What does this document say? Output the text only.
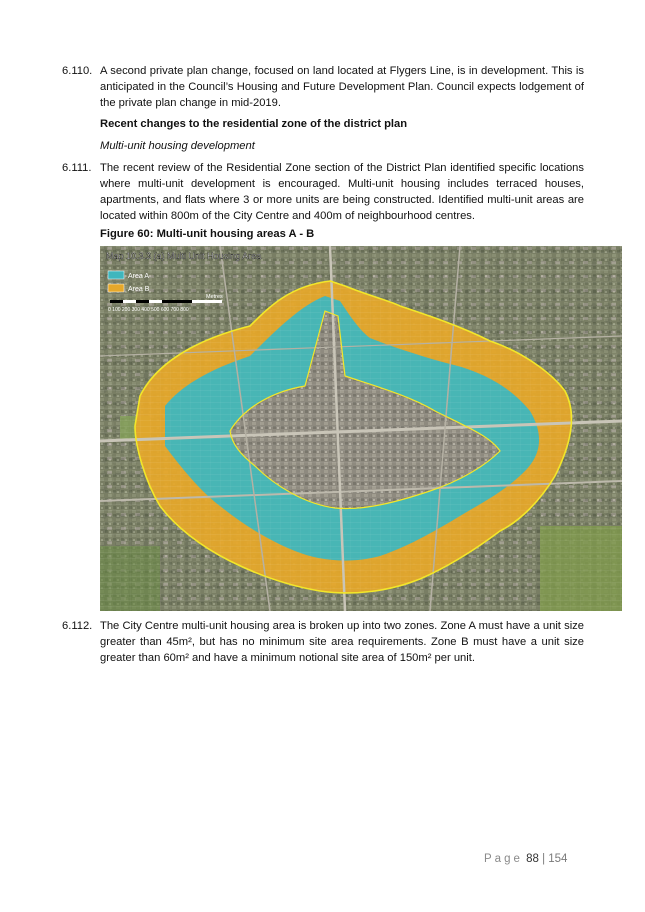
6.110. A second private plan change, focused on land located at Flygers Line, is in development. This is anticipated in the Council’s Housing and Future Development Plan. Council expects lodgement of the private plan change in mid-2019.
Recent changes to the residential zone of the district plan
Multi-unit housing development
6.111. The recent review of the Residential Zone section of the District Plan identified specific locations where multi-unit development is encouraged. Multi-unit housing includes terraced houses, apartments, and flats where 3 or more units are being constructed. Identified multi-unit areas are located within 800m of the City Centre and 400m of neighbourhood centres.
Figure 60: Multi-unit housing areas A - B
Map 10.3.3 (a) Multi Unit Housing Area
Area A
Area B
0 100 200 300 400 500 600 700 800
Metres
6.112. The City Centre multi-unit housing area is broken up into two zones. Zone A must have a unit size greater than 45m², but has no minimum site area requirements. Zone B must have a unit size greater than 60m² and have a minimum notional site area of 150m² per unit.
Page 88 | 154
